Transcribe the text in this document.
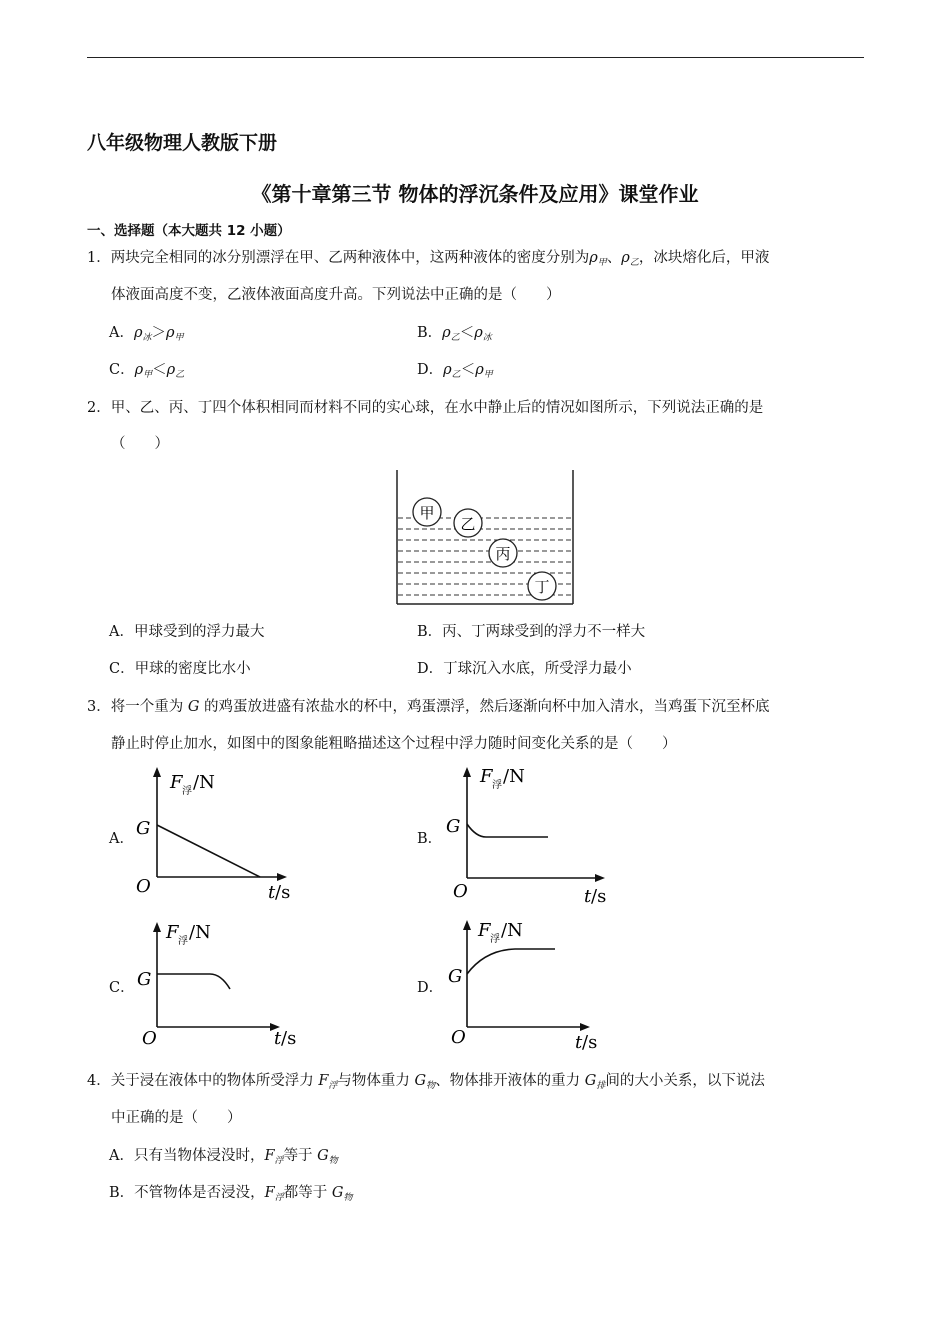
八年级物理人教版下册
《第十章第三节 物体的浮沉条件及应用》课堂作业
一、选择题（本大题共 12 小题）
1．两块完全相同的冰分别漂浮在甲、乙两种液体中，这两种液体的密度分别为$\rho_甲$、$\rho_乙$，冰块熔化后，甲液
体液面高度不变，乙液体液面高度升高。下列说法中正确的是（　　）
A．$\rho_冰>\rho_甲$	B．$\rho_乙<\rho_冰$
C．$\rho_甲<\rho_乙$	D．$\rho_乙<\rho_甲$
2．甲、乙、丙、丁四个体积相同而材料不同的实心球，在水中静止后的情况如图所示，下列说法正确的是
（　　）
甲
乙
丙
丁
A．甲球受到的浮力最大	B．丙、丁两球受到的浮力不一样大
C．甲球的密度比水小	D．丁球沉入水底，所受浮力最小
3．将一个重为 G 的鸡蛋放进盛有浓盐水的杯中，鸡蛋漂浮，然后逐渐向杯中加入清水，当鸡蛋下沉至杯底
静止时停止加水，如图中的图象能粗略描述这个过程中浮力随时间变化关系的是（　　）
A．
F 浮 /N
G
O	t /s
B．
F 浮 /N
G
O	t /s
C．
F 浮 /N
G
O	t /s
D．
F 浮 /N
G
O	t /s
4．关于浸在液体中的物体所受浮力 $F_浮$与物体重力 $G_物$、物体排开液体的重力 $G_排$间的大小关系，以下说法
中正确的是（　　）
A．只有当物体浸没时，$F_浮$等于 $G_物$
B．不管物体是否浸没，$F_浮$都等于 $G_物$
